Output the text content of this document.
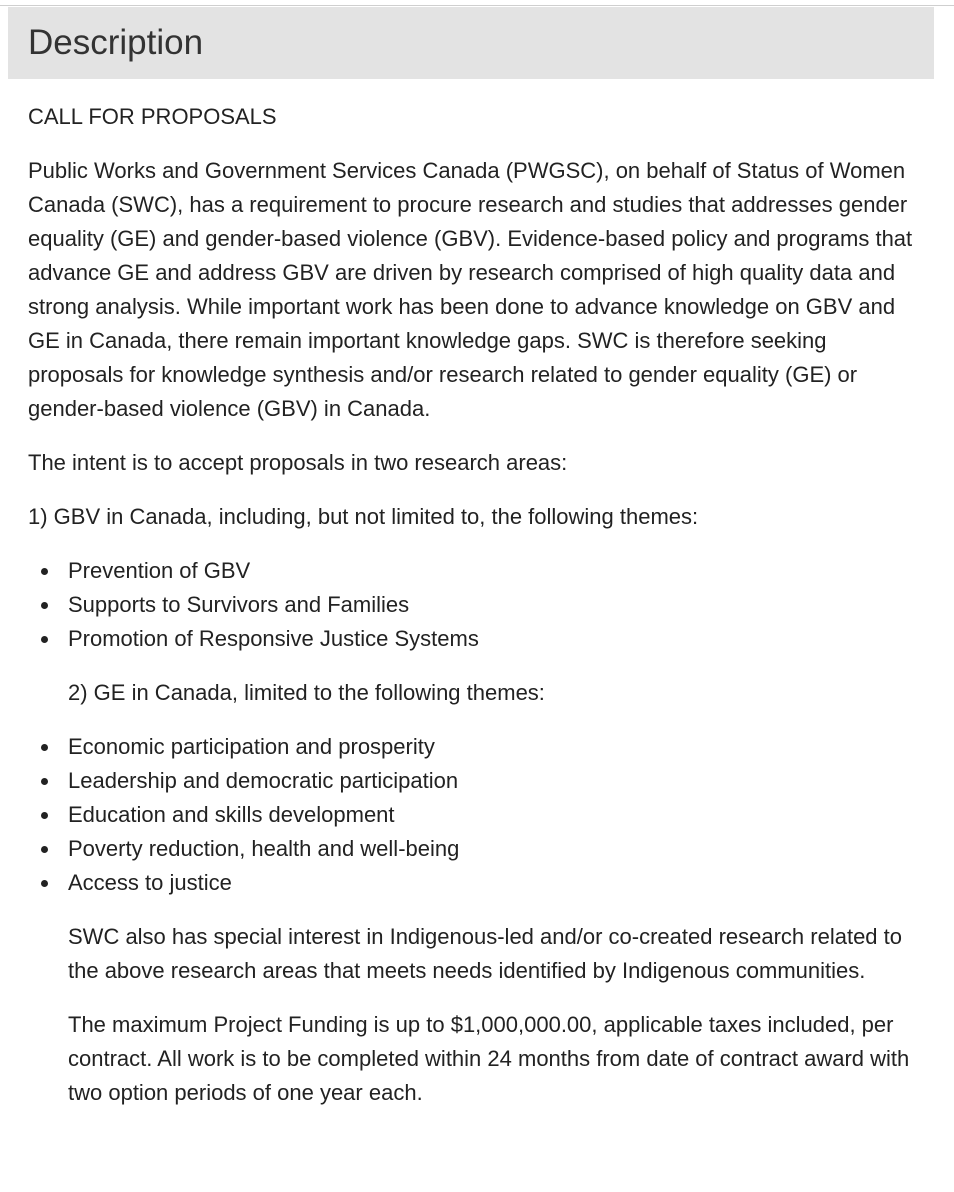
Description

CALL FOR PROPOSALS

Public Works and Government Services Canada (PWGSC), on behalf of Status of Women Canada (SWC), has a requirement to procure research and studies that addresses gender equality (GE) and gender-based violence (GBV). Evidence-based policy and programs that advance GE and address GBV are driven by research comprised of high quality data and strong analysis. While important work has been done to advance knowledge on GBV and GE in Canada, there remain important knowledge gaps. SWC is therefore seeking proposals for knowledge synthesis and/or research related to gender equality (GE) or gender-based violence (GBV) in Canada.

The intent is to accept proposals in two research areas:

1) GBV in Canada, including, but not limited to, the following themes:

Prevention of GBV
Supports to Survivors and Families
Promotion of Responsive Justice Systems

2) GE in Canada, limited to the following themes:

Economic participation and prosperity
Leadership and democratic participation
Education and skills development
Poverty reduction, health and well-being
Access to justice

SWC also has special interest in Indigenous-led and/or co-created research related to the above research areas that meets needs identified by Indigenous communities.

The maximum Project Funding is up to $1,000,000.00, applicable taxes included, per contract. All work is to be completed within 24 months from date of contract award with two option periods of one year each.
